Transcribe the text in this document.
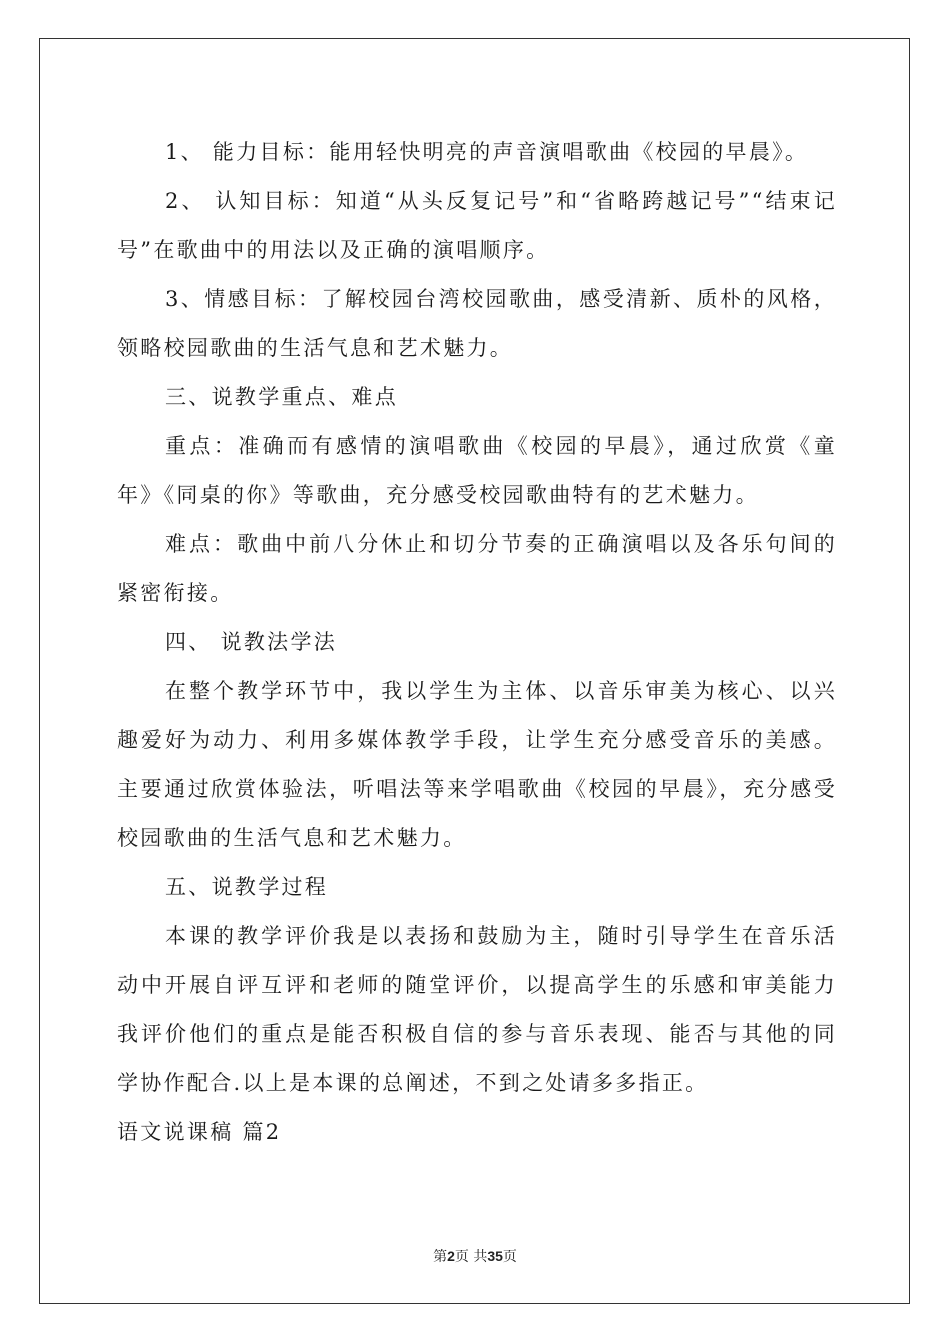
1、 能力目标：能用轻快明亮的声音演唱歌曲《校园的早晨》。

2、 认知目标：知道“从头反复记号”和“省略跨越记号”“结束记号”在歌曲中的用法以及正确的演唱顺序。

3、情感目标：了解校园台湾校园歌曲，感受清新、质朴的风格，领略校园歌曲的生活气息和艺术魅力。

三、说教学重点、难点

重点：准确而有感情的演唱歌曲《校园的早晨》，通过欣赏《童年》《同桌的你》等歌曲，充分感受校园歌曲特有的艺术魅力。

难点：歌曲中前八分休止和切分节奏的正确演唱以及各乐句间的紧密衔接。

四、 说教法学法

在整个教学环节中，我以学生为主体、以音乐审美为核心、以兴趣爱好为动力、利用多媒体教学手段，让学生充分感受音乐的美感。主要通过欣赏体验法，听唱法等来学唱歌曲《校园的早晨》，充分感受校园歌曲的生活气息和艺术魅力。

五、说教学过程

本课的教学评价我是以表扬和鼓励为主，随时引导学生在音乐活动中开展自评互评和老师的随堂评价，以提高学生的乐感和审美能力我评价他们的重点是能否积极自信的参与音乐表现、能否与其他的同学协作配合.以上是本课的总阐述，不到之处请多多指正。

语文说课稿 篇2

第2页 共35页
